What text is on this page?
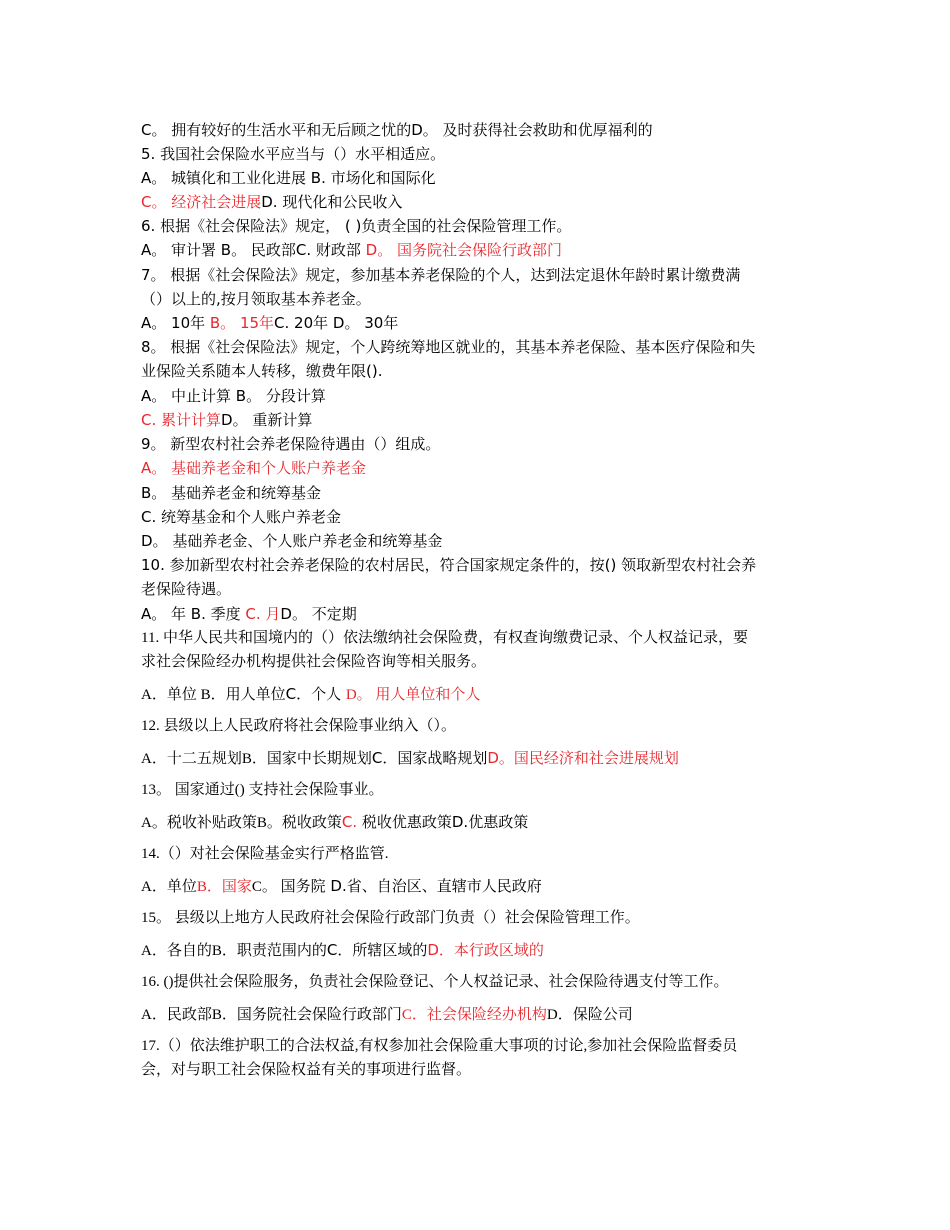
C。 拥有较好的生活水平和无后顾之忧的D。 及时获得社会救助和优厚福利的
5. 我国社会保险水平应当与（）水平相适应。
A。 城镇化和工业化进展 B. 市场化和国际化
C。 经济社会进展D. 现代化和公民收入
6. 根据《社会保险法》规定， ( )负责全国的社会保险管理工作。
A。 审计署 B。 民政部C. 财政部 D。 国务院社会保险行政部门
7。 根据《社会保险法》规定，参加基本养老保险的个人，达到法定退休年龄时累计缴费满
（）以上的,按月领取基本养老金。
A。 10年 B。 15年C. 20年 D。 30年
8。 根据《社会保险法》规定，个人跨统筹地区就业的，其基本养老保险、基本医疗保险和失
业保险关系随本人转移，缴费年限().
A。 中止计算 B。 分段计算
C. 累计计算D。 重新计算
9。 新型农村社会养老保险待遇由（）组成。
A。 基础养老金和个人账户养老金
B。 基础养老金和统筹基金
C. 统筹基金和个人账户养老金
D。 基础养老金、个人账户养老金和统筹基金
10. 参加新型农村社会养老保险的农村居民，符合国家规定条件的，按() 领取新型农村社会养
老保险待遇。
A。 年 B. 季度 C. 月D。 不定期
11. 中华人民共和国境内的（）依法缴纳社会保险费，有权查询缴费记录、个人权益记录，要
求社会保险经办机构提供社会保险咨询等相关服务。
A．单位 B．用人单位C．个人 D。 用人单位和个人
12. 县级以上人民政府将社会保险事业纳入（）。
A．十二五规划B．国家中长期规划C．国家战略规划D。国民经济和社会进展规划
13。 国家通过() 支持社会保险事业。
A。税收补贴政策B。税收政策C. 税收优惠政策D.优惠政策
14.（）对社会保险基金实行严格监管.
A．单位B．国家C。 国务院 D.省、自治区、直辖市人民政府
15。 县级以上地方人民政府社会保险行政部门负责（）社会保险管理工作。
A．各自的B．职责范围内的C．所辖区域的D．本行政区域的
16. ()提供社会保险服务，负责社会保险登记、个人权益记录、社会保险待遇支付等工作。
A．民政部B．国务院社会保险行政部门C．社会保险经办机构D．保险公司
17.（）依法维护职工的合法权益,有权参加社会保险重大事项的讨论,参加社会保险监督委员
会，对与职工社会保险权益有关的事项进行监督。
